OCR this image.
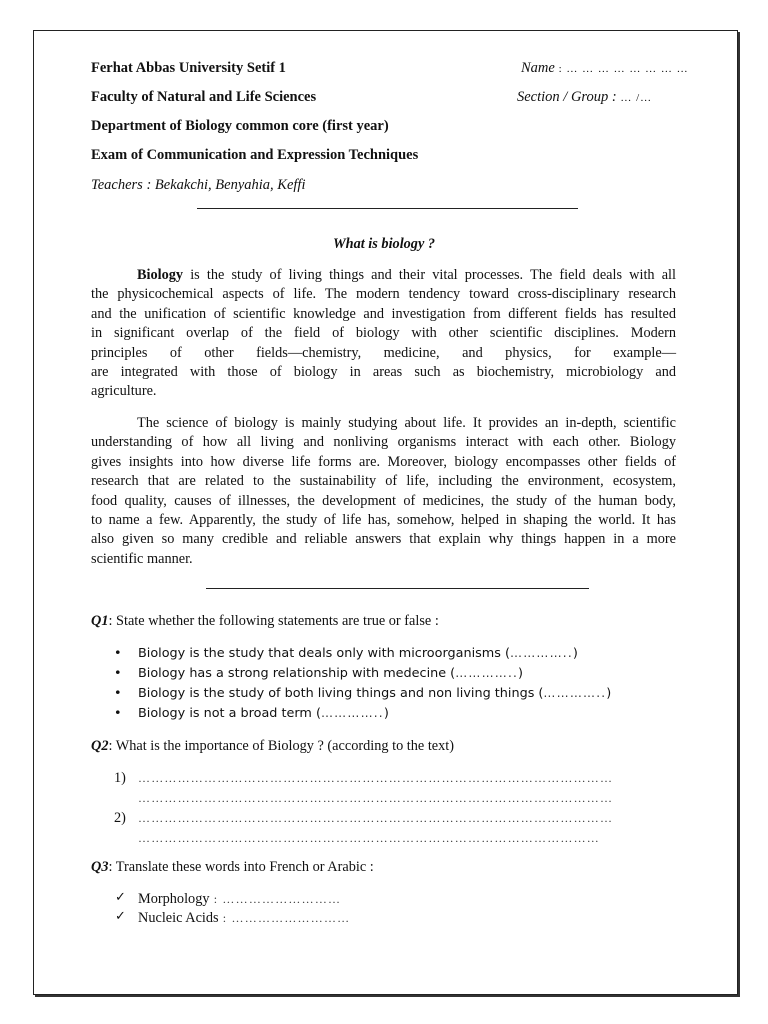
Ferhat Abbas University Setif 1	Name : … … … … … … … …
Faculty of Natural and Life Sciences	Section / Group : … /…
Department of Biology common core (first year)
Exam of Communication and Expression Techniques
Teachers : Bekakchi, Benyahia, Keffi
What is biology ?
Biology is the study of living things and their vital processes. The field deals with all
the physicochemical aspects of life. The modern tendency toward cross-disciplinary research
and the unification of scientific knowledge and investigation from different fields has resulted
in significant overlap of the field of biology with other scientific disciplines. Modern
principles of other fields—chemistry, medicine, and physics, for example—
are integrated with those of biology in areas such as biochemistry, microbiology and
agriculture.
The science of biology is mainly studying about life. It provides an in-depth, scientific
understanding of how all living and nonliving organisms interact with each other. Biology
gives insights into how diverse life forms are. Moreover, biology encompasses other fields of
research that are related to the sustainability of life, including the environment, ecosystem,
food quality, causes of illnesses, the development of medicines, the study of the human body,
to name a few. Apparently, the study of life has, somehow, helped in shaping the world. It has
also given so many credible and reliable answers that explain why things happen in a more
scientific manner.
Q1: State whether the following statements are true or false :
• Biology is the study that deals only with microorganisms (…………..)
• Biology has a strong relationship with medecine (…………..)
• Biology is the study of both living things and non living things (…………..)
• Biology is not a broad term (…………..)
Q2: What is the importance of Biology ? (according to the text)
1) ………………………………………………………………………………………………
………………………………………………………………………………………………
2) ………………………………………………………………………………………………
……………………………………………………………………………………………
Q3: Translate these words into French or Arabic :
✓ Morphology : ………………………
✓ Nucleic Acids : ………………………
